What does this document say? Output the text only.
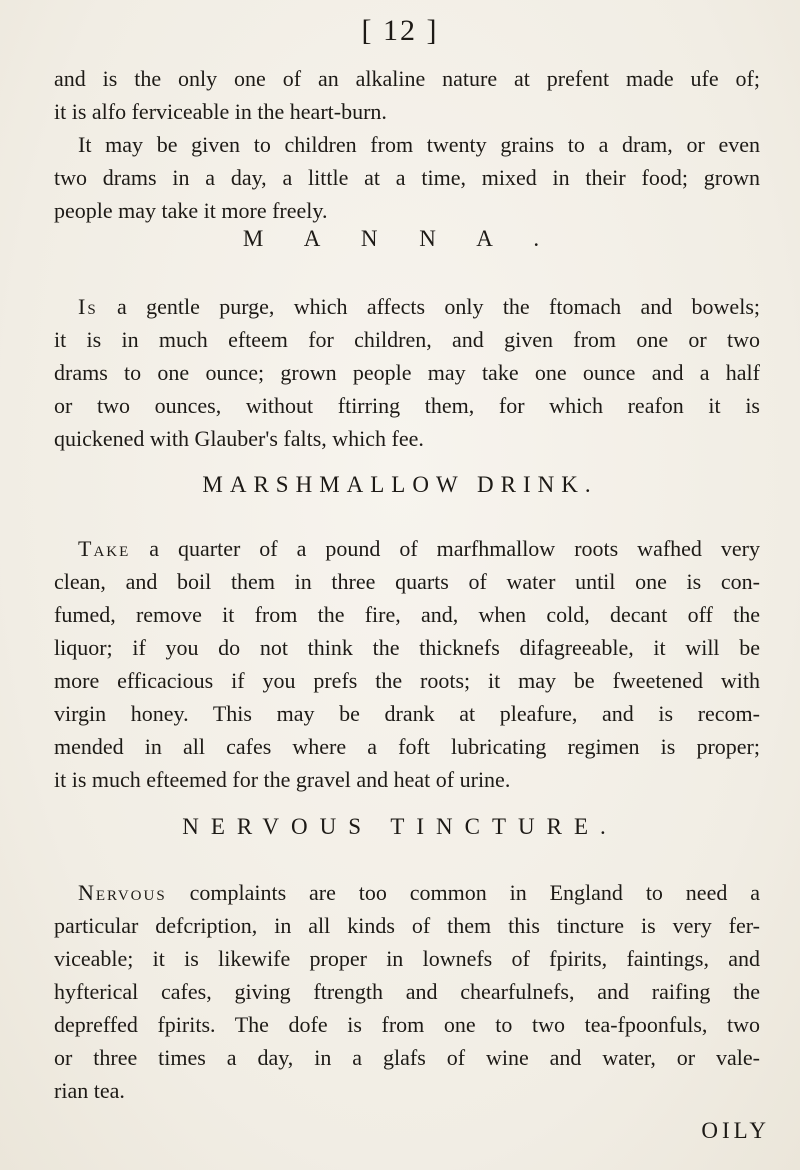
[ 12 ]
and is the only one of an alkaline nature at prefent made ufe of;
it is alfo ferviceable in the heart-burn.
It may be given to children from twenty grains to a dram, or even
two drams in a day, a little at a time, mixed in their food; grown
people may take it more freely.
M A N N A .
Is a gentle purge, which affects only the ftomach and bowels;
it is in much efteem for children, and given from one or two
drams to one ounce; grown people may take one ounce and a half
or two ounces, without ftirring them, for which reafon it is
quickened with Glauber's falts, which fee.
MARSHMALLOW DRINK.
Take a quarter of a pound of marfhmallow roots wafhed very
clean, and boil them in three quarts of water until one is con-
fumed, remove it from the fire, and, when cold, decant off the
liquor; if you do not think the thicknefs difagreeable, it will be
more efficacious if you prefs the roots; it may be fweetened with
virgin honey. This may be drank at pleafure, and is recom-
mended in all cafes where a foft lubricating regimen is proper;
it is much efteemed for the gravel and heat of urine.
NERVOUS TINCTURE.
Nervous complaints are too common in England to need a
particular defcription, in all kinds of them this tincture is very fer-
viceable; it is likewife proper in lownefs of fpirits, faintings, and
hyfterical cafes, giving ftrength and chearfulnefs, and raifing the
depreffed fpirits. The dofe is from one to two tea-fpoonfuls, two
or three times a day, in a glafs of wine and water, or vale-
rian tea.
OILY
